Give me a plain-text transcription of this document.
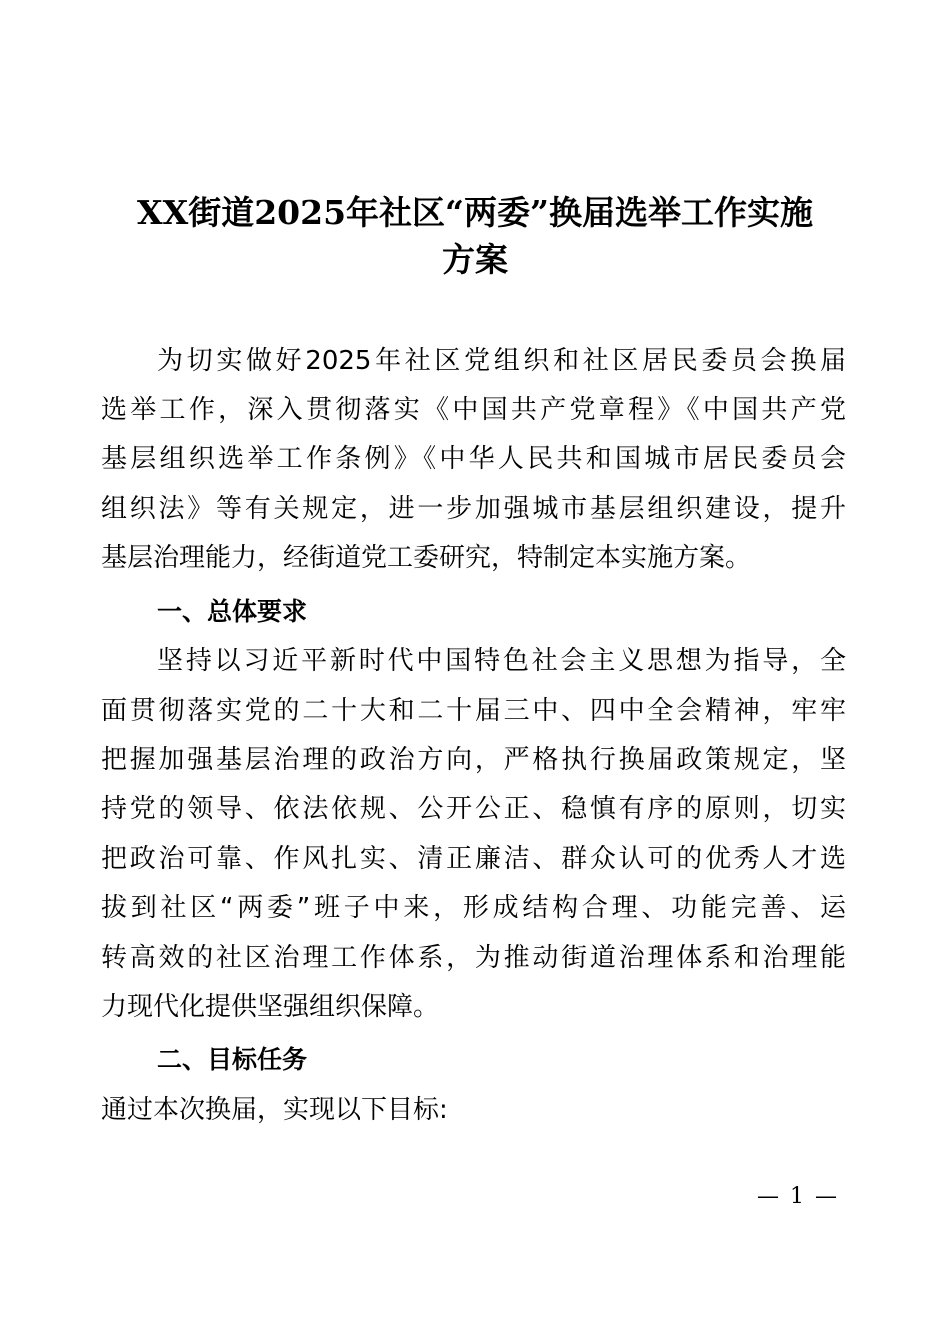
XX街道2025年社区“两委”换届选举工作实施
方案
为切实做好2025年社区党组织和社区居民委员会换届
选举工作，深入贯彻落实《中国共产党章程》《中国共产党
基层组织选举工作条例》《中华人民共和国城市居民委员会
组织法》等有关规定，进一步加强城市基层组织建设，提升
基层治理能力，经街道党工委研究，特制定本实施方案。
一、总体要求
坚持以习近平新时代中国特色社会主义思想为指导，全
面贯彻落实党的二十大和二十届三中、四中全会精神，牢牢
把握加强基层治理的政治方向，严格执行换届政策规定，坚
持党的领导、依法依规、公开公正、稳慎有序的原则，切实
把政治可靠、作风扎实、清正廉洁、群众认可的优秀人才选
拔到社区“两委”班子中来，形成结构合理、功能完善、运
转高效的社区治理工作体系，为推动街道治理体系和治理能
力现代化提供坚强组织保障。
二、目标任务
通过本次换届，实现以下目标:
— 1 —
